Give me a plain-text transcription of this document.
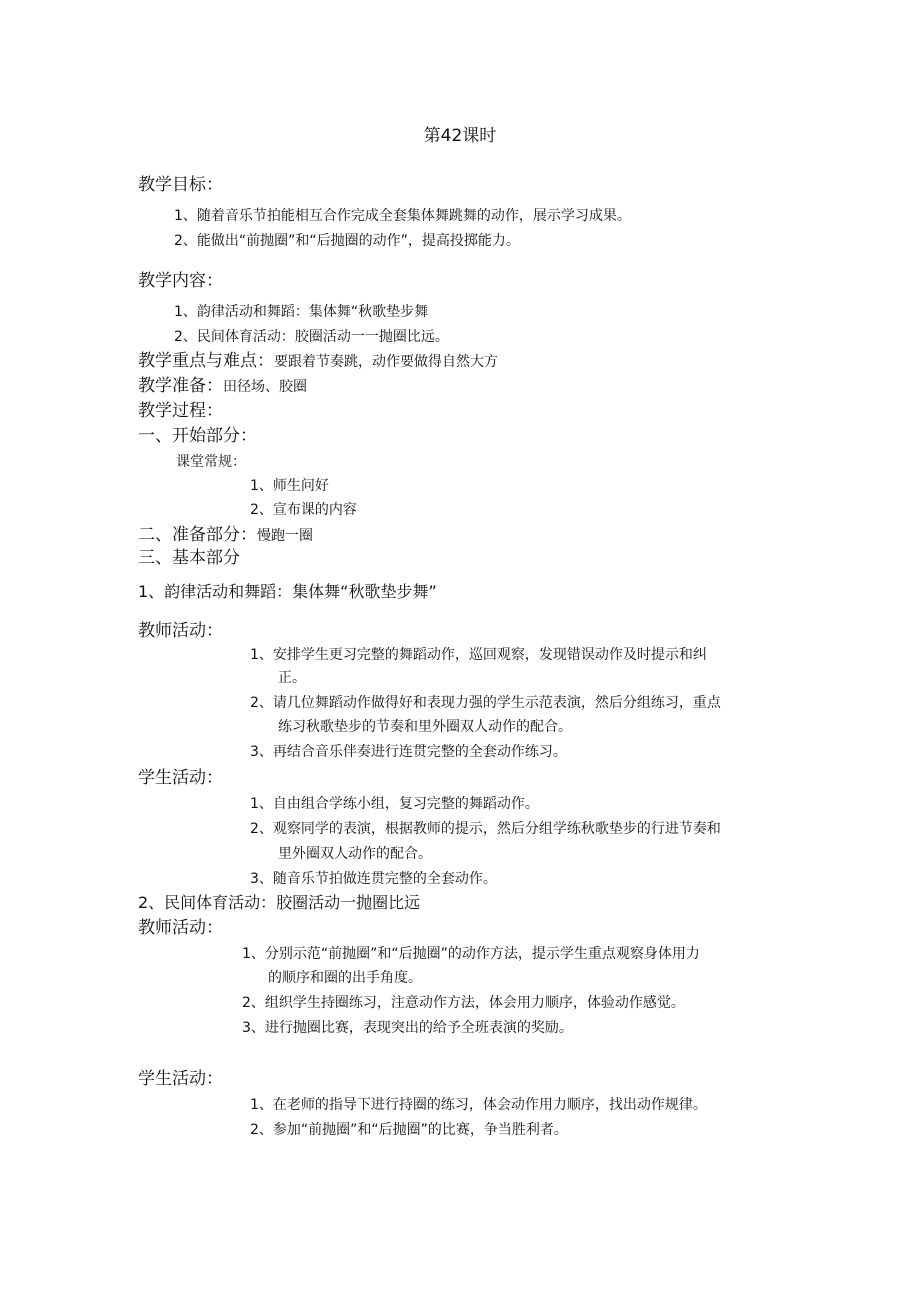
第42课时
教学目标：
1、随着音乐节拍能相互合作完成全套集体舞跳舞的动作，展示学习成果。
2、能做出“前抛圈”和“后抛圈的动作”，提高投掷能力。
教学内容：
1、韵律活动和舞蹈：集体舞“秋歌垫步舞
2、民间体育活动：胶圈活动一一抛圈比远。
教学重点与难点：要跟着节奏跳，动作要做得自然大方
教学准备：田径场、胶圈
教学过程：
一、开始部分：
课堂常规：
1、师生问好
2、宣布课的内容
二、准备部分：慢跑一圈
三、基本部分
1、韵律活动和舞蹈：集体舞“秋歌垫步舞”
教师活动：
1、安排学生更习完整的舞蹈动作，巡回观察，发现错误动作及时提示和纠
正。
2、请几位舞蹈动作做得好和表现力强的学生示范表演，然后分组练习，重点
练习秋歌垫步的节奏和里外圈双人动作的配合。
3、再结合音乐伴奏进行连贯完整的全套动作练习。
学生活动：
1、自由组合学练小组，复习完整的舞蹈动作。
2、观察同学的表演，根据教师的提示，然后分组学练秋歌垫步的行进节奏和
里外圈双人动作的配合。
3、随音乐节拍做连贯完整的全套动作。
2、民间体育活动：胶圈活动一抛圈比远
教师活动：
1、分别示范“前抛圈”和“后抛圈”的动作方法，提示学生重点观察身体用力
的顺序和圈的出手角度。
2、组织学生持圈练习，注意动作方法，体会用力顺序，体验动作感觉。
3、进行抛圈比赛，表现突出的给予全班表演的奖励。
学生活动：
1、在老师的指导下进行持圈的练习，体会动作用力顺序，找出动作规律。
2、参加“前抛圈”和“后抛圈”的比赛，争当胜利者。
